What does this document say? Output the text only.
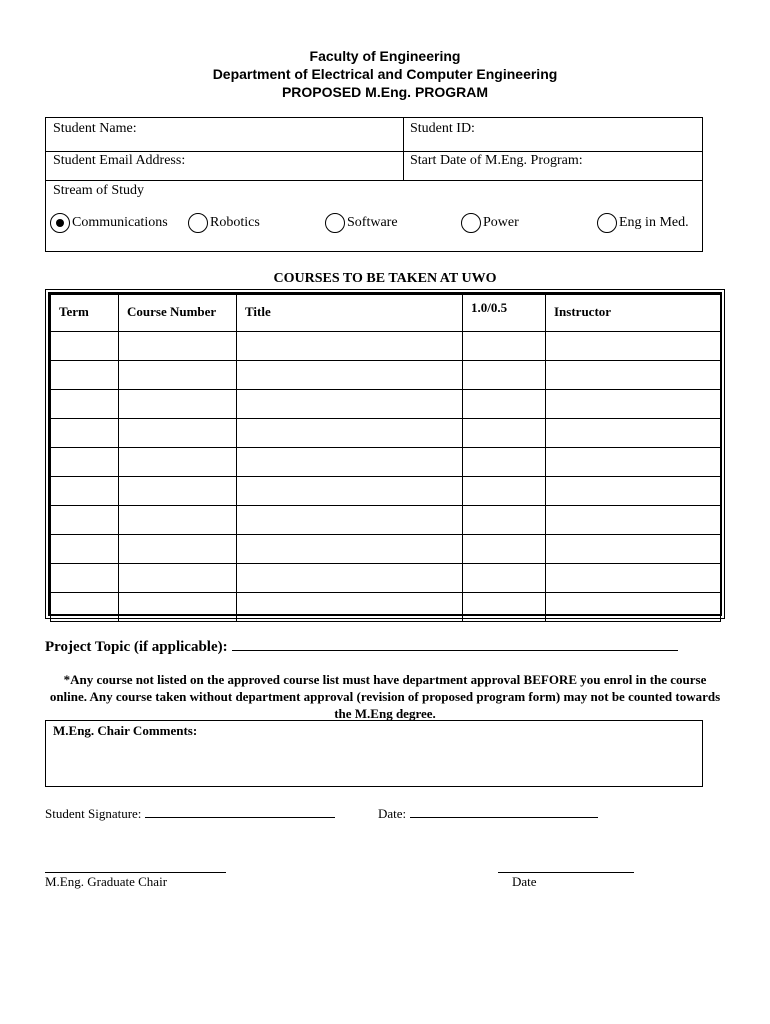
Faculty of Engineering
Department of Electrical and Computer Engineering
PROPOSED M.Eng. PROGRAM
Student Name:	Student ID:
Student Email Address:	Start Date of M.Eng. Program:
Stream of Study
Communications	Robotics	Software	Power	Eng in Med.
COURSES TO BE TAKEN AT UWO
Term	Course Number	Title	1.0/0.5	Instructor

Project Topic (if applicable):
*Any course not listed on the approved course list must have department approval BEFORE you enrol in the course online. Any course taken without department approval (revision of proposed program form) may not be counted towards the M.Eng degree.
M.Eng. Chair Comments:
Student Signature:	Date:
M.Eng. Graduate Chair	Date
